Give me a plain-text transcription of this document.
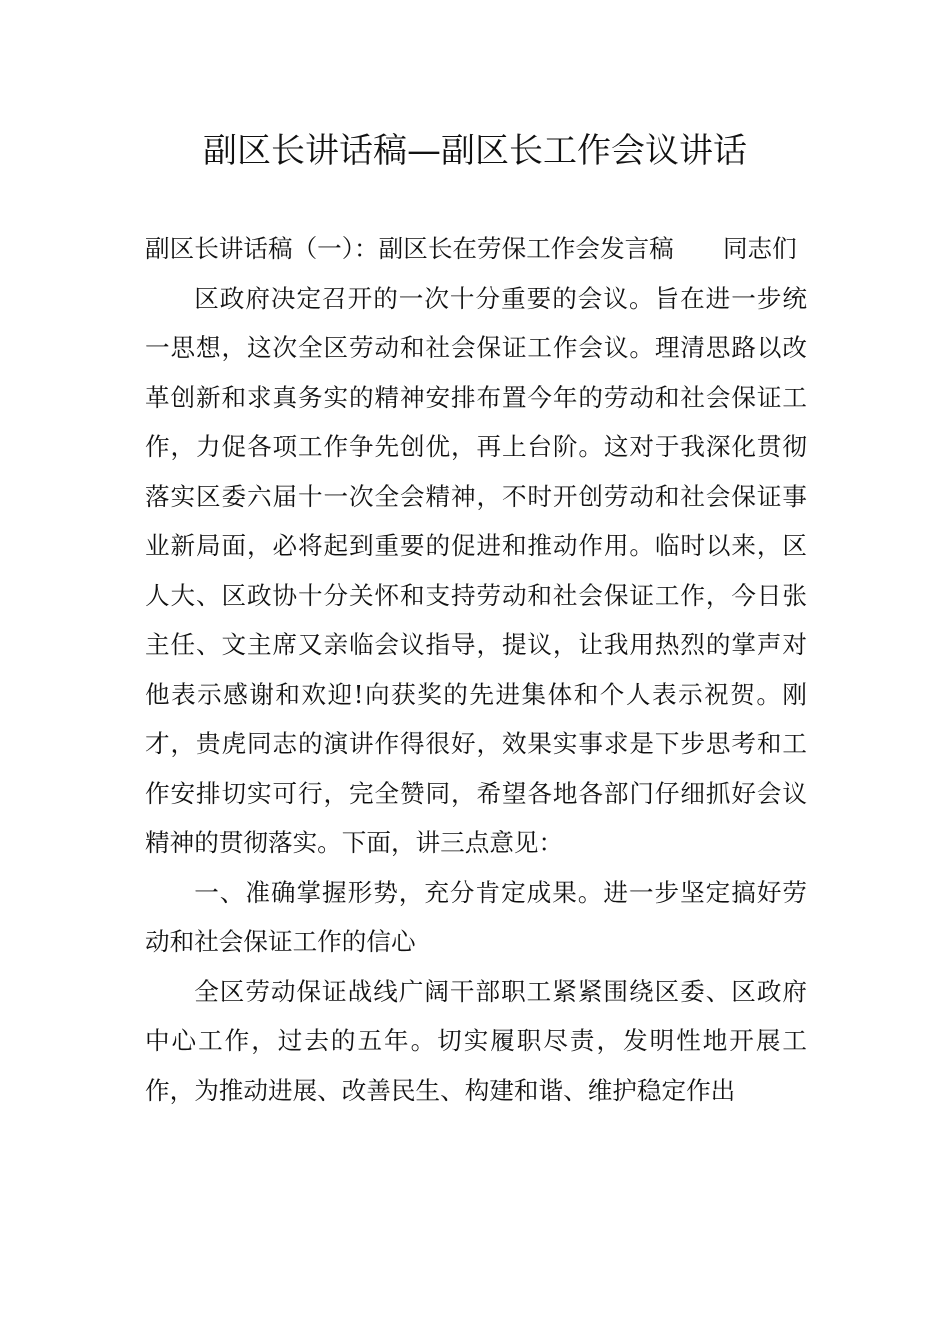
副区长讲话稿—副区长工作会议讲话

副区长讲话稿（一）：副区长在劳保工作会发言稿　　同志们

区政府决定召开的一次十分重要的会议。旨在进一步统一思想，这次全区劳动和社会保证工作会议。理清思路以改革创新和求真务实的精神安排布置今年的劳动和社会保证工作，力促各项工作争先创优，再上台阶。这对于我深化贯彻落实区委六届十一次全会精神，不时开创劳动和社会保证事业新局面，必将起到重要的促进和推动作用。临时以来，区人大、区政协十分关怀和支持劳动和社会保证工作，今日张主任、文主席又亲临会议指导，提议，让我用热烈的掌声对他表示感谢和欢迎!向获奖的先进集体和个人表示祝贺。刚才，贵虎同志的演讲作得很好，效果实事求是下步思考和工作安排切实可行，完全赞同，希望各地各部门仔细抓好会议精神的贯彻落实。下面，讲三点意见：

一、准确掌握形势，充分肯定成果。进一步坚定搞好劳动和社会保证工作的信心

全区劳动保证战线广阔干部职工紧紧围绕区委、区政府中心工作，过去的五年。切实履职尽责，发明性地开展工作，为推动进展、改善民生、构建和谐、维护稳定作出
